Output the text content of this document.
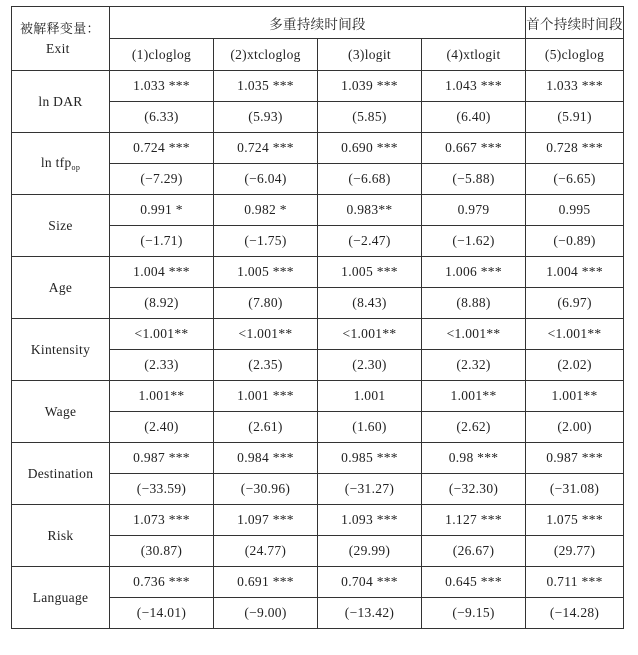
被解释变量：
Exit	多重持续时间段				首个持续时间段
	(1)cloglog	(2)xtcloglog	(3)logit	(4)xtlogit	(5)cloglog
ln DAR	1.033 ***	1.035 ***	1.039 ***	1.043 ***	1.033 ***
	(6.33)	(5.93)	(5.85)	(6.40)	(5.91)
ln tfp$_{op}$	0.724 ***	0.724 ***	0.690 ***	0.667 ***	0.728 ***
	(−7.29)	(−6.04)	(−6.68)	(−5.88)	(−6.65)
Size	0.991 *	0.982 *	0.983**	0.979	0.995
	(−1.71)	(−1.75)	(−2.47)	(−1.62)	(−0.89)
Age	1.004 ***	1.005 ***	1.005 ***	1.006 ***	1.004 ***
	(8.92)	(7.80)	(8.43)	(8.88)	(6.97)
Kintensity	<1.001**	<1.001**	<1.001**	<1.001**	<1.001**
	(2.33)	(2.35)	(2.30)	(2.32)	(2.02)
Wage	1.001**	1.001 ***	1.001	1.001**	1.001**
	(2.40)	(2.61)	(1.60)	(2.62)	(2.00)
Destination	0.987 ***	0.984 ***	0.985 ***	0.98 ***	0.987 ***
	(−33.59)	(−30.96)	(−31.27)	(−32.30)	(−31.08)
Risk	1.073 ***	1.097 ***	1.093 ***	1.127 ***	1.075 ***
	(30.87)	(24.77)	(29.99)	(26.67)	(29.77)
Language	0.736 ***	0.691 ***	0.704 ***	0.645 ***	0.711 ***
	(−14.01)	(−9.00)	(−13.42)	(−9.15)	(−14.28)
